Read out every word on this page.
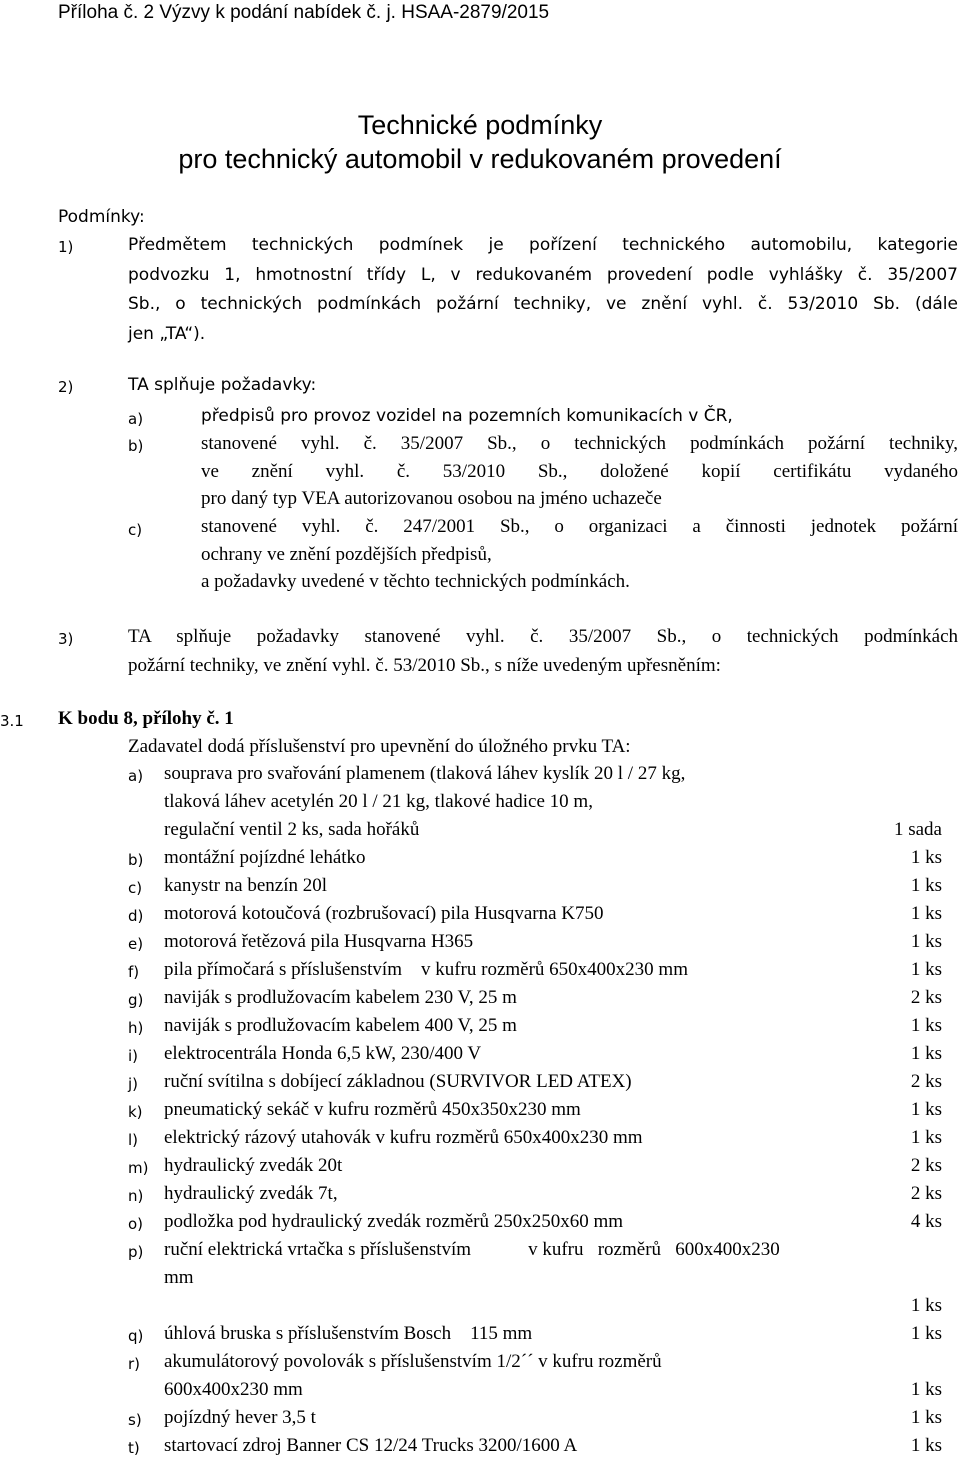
Příloha č. 2 Výzvy k podání nabídek č. j. HSAA-2879/2015
Technické podmínky
pro technický automobil v redukovaném provedení
Podmínky:
1)	Předmětem technických podmínek je pořízení technického automobilu, kategorie
podvozku 1, hmotnostní třídy L, v redukovaném provedení podle vyhlášky č. 35/2007
Sb., o technických podmínkách požární techniky, ve znění vyhl. č. 53/2010 Sb. (dále
jen „TA“).
2)	TA splňuje požadavky:
a)	předpisů pro provoz vozidel na pozemních komunikacích v ČR,
b)	stanovené vyhl. č. 35/2007 Sb., o technických podmínkách požární techniky,
ve znění vyhl. č. 53/2010 Sb., doložené kopií certifikátu vydaného
pro daný typ VEA autorizovanou osobou na jméno uchazeče
c)	stanovené vyhl. č. 247/2001 Sb., o organizaci a činnosti jednotek požární
ochrany ve znění pozdějších předpisů,
a požadavky uvedené v těchto technických podmínkách.
3)	TA splňuje požadavky stanovené vyhl. č. 35/2007 Sb., o technických podmínkách
požární techniky, ve znění vyhl. č. 53/2010 Sb., s níže uvedeným upřesněním:
3.1 K bodu 8, přílohy č. 1
Zadavatel dodá příslušenství pro upevnění do úložného prvku TA:
a) souprava pro svařování plamenem (tlaková láhev kyslík 20 l / 27 kg,
tlaková láhev acetylén 20 l / 21 kg, tlakové hadice 10 m,
regulační ventil 2 ks, sada hořáků	1 sada
b) montážní pojízdné lehátko	1 ks
c) kanystr na benzín 20l	1 ks
d) motorová kotoučová (rozbrušovací) pila Husqvarna K750	1 ks
e) motorová řetězová pila Husqvarna H365	1 ks
f) pila přímočará s příslušenstvím    v kufru rozměrů 650x400x230 mm	1 ks
g) naviják s prodlužovacím kabelem 230 V, 25 m	2 ks
h) naviják s prodlužovacím kabelem 400 V, 25 m	1 ks
i) elektrocentrála Honda 6,5 kW, 230/400 V	1 ks
j) ruční svítilna s dobíjecí základnou (SURVIVOR LED ATEX)	2 ks
k) pneumatický sekáč v kufru rozměrů 450x350x230 mm	1 ks
l) elektrický rázový utahovák v kufru rozměrů 650x400x230 mm	1 ks
m) hydraulický zvedák 20t	2 ks
n) hydraulický zvedák 7t,	2 ks
o) podložka pod hydraulický zvedák rozměrů 250x250x60 mm	4 ks
p) ruční elektrická vrtačka s příslušenstvím            v kufru   rozměrů   600x400x230
mm
1 ks
q) úhlová bruska s příslušenstvím Bosch    115 mm	1 ks
r) akumulátorový povolovák s příslušenstvím 1/2´´ v kufru rozměrů
600x400x230 mm	1 ks
s) pojízdný hever 3,5 t	1 ks
t) startovací zdroj Banner CS 12/24 Trucks 3200/1600 A	1 ks
